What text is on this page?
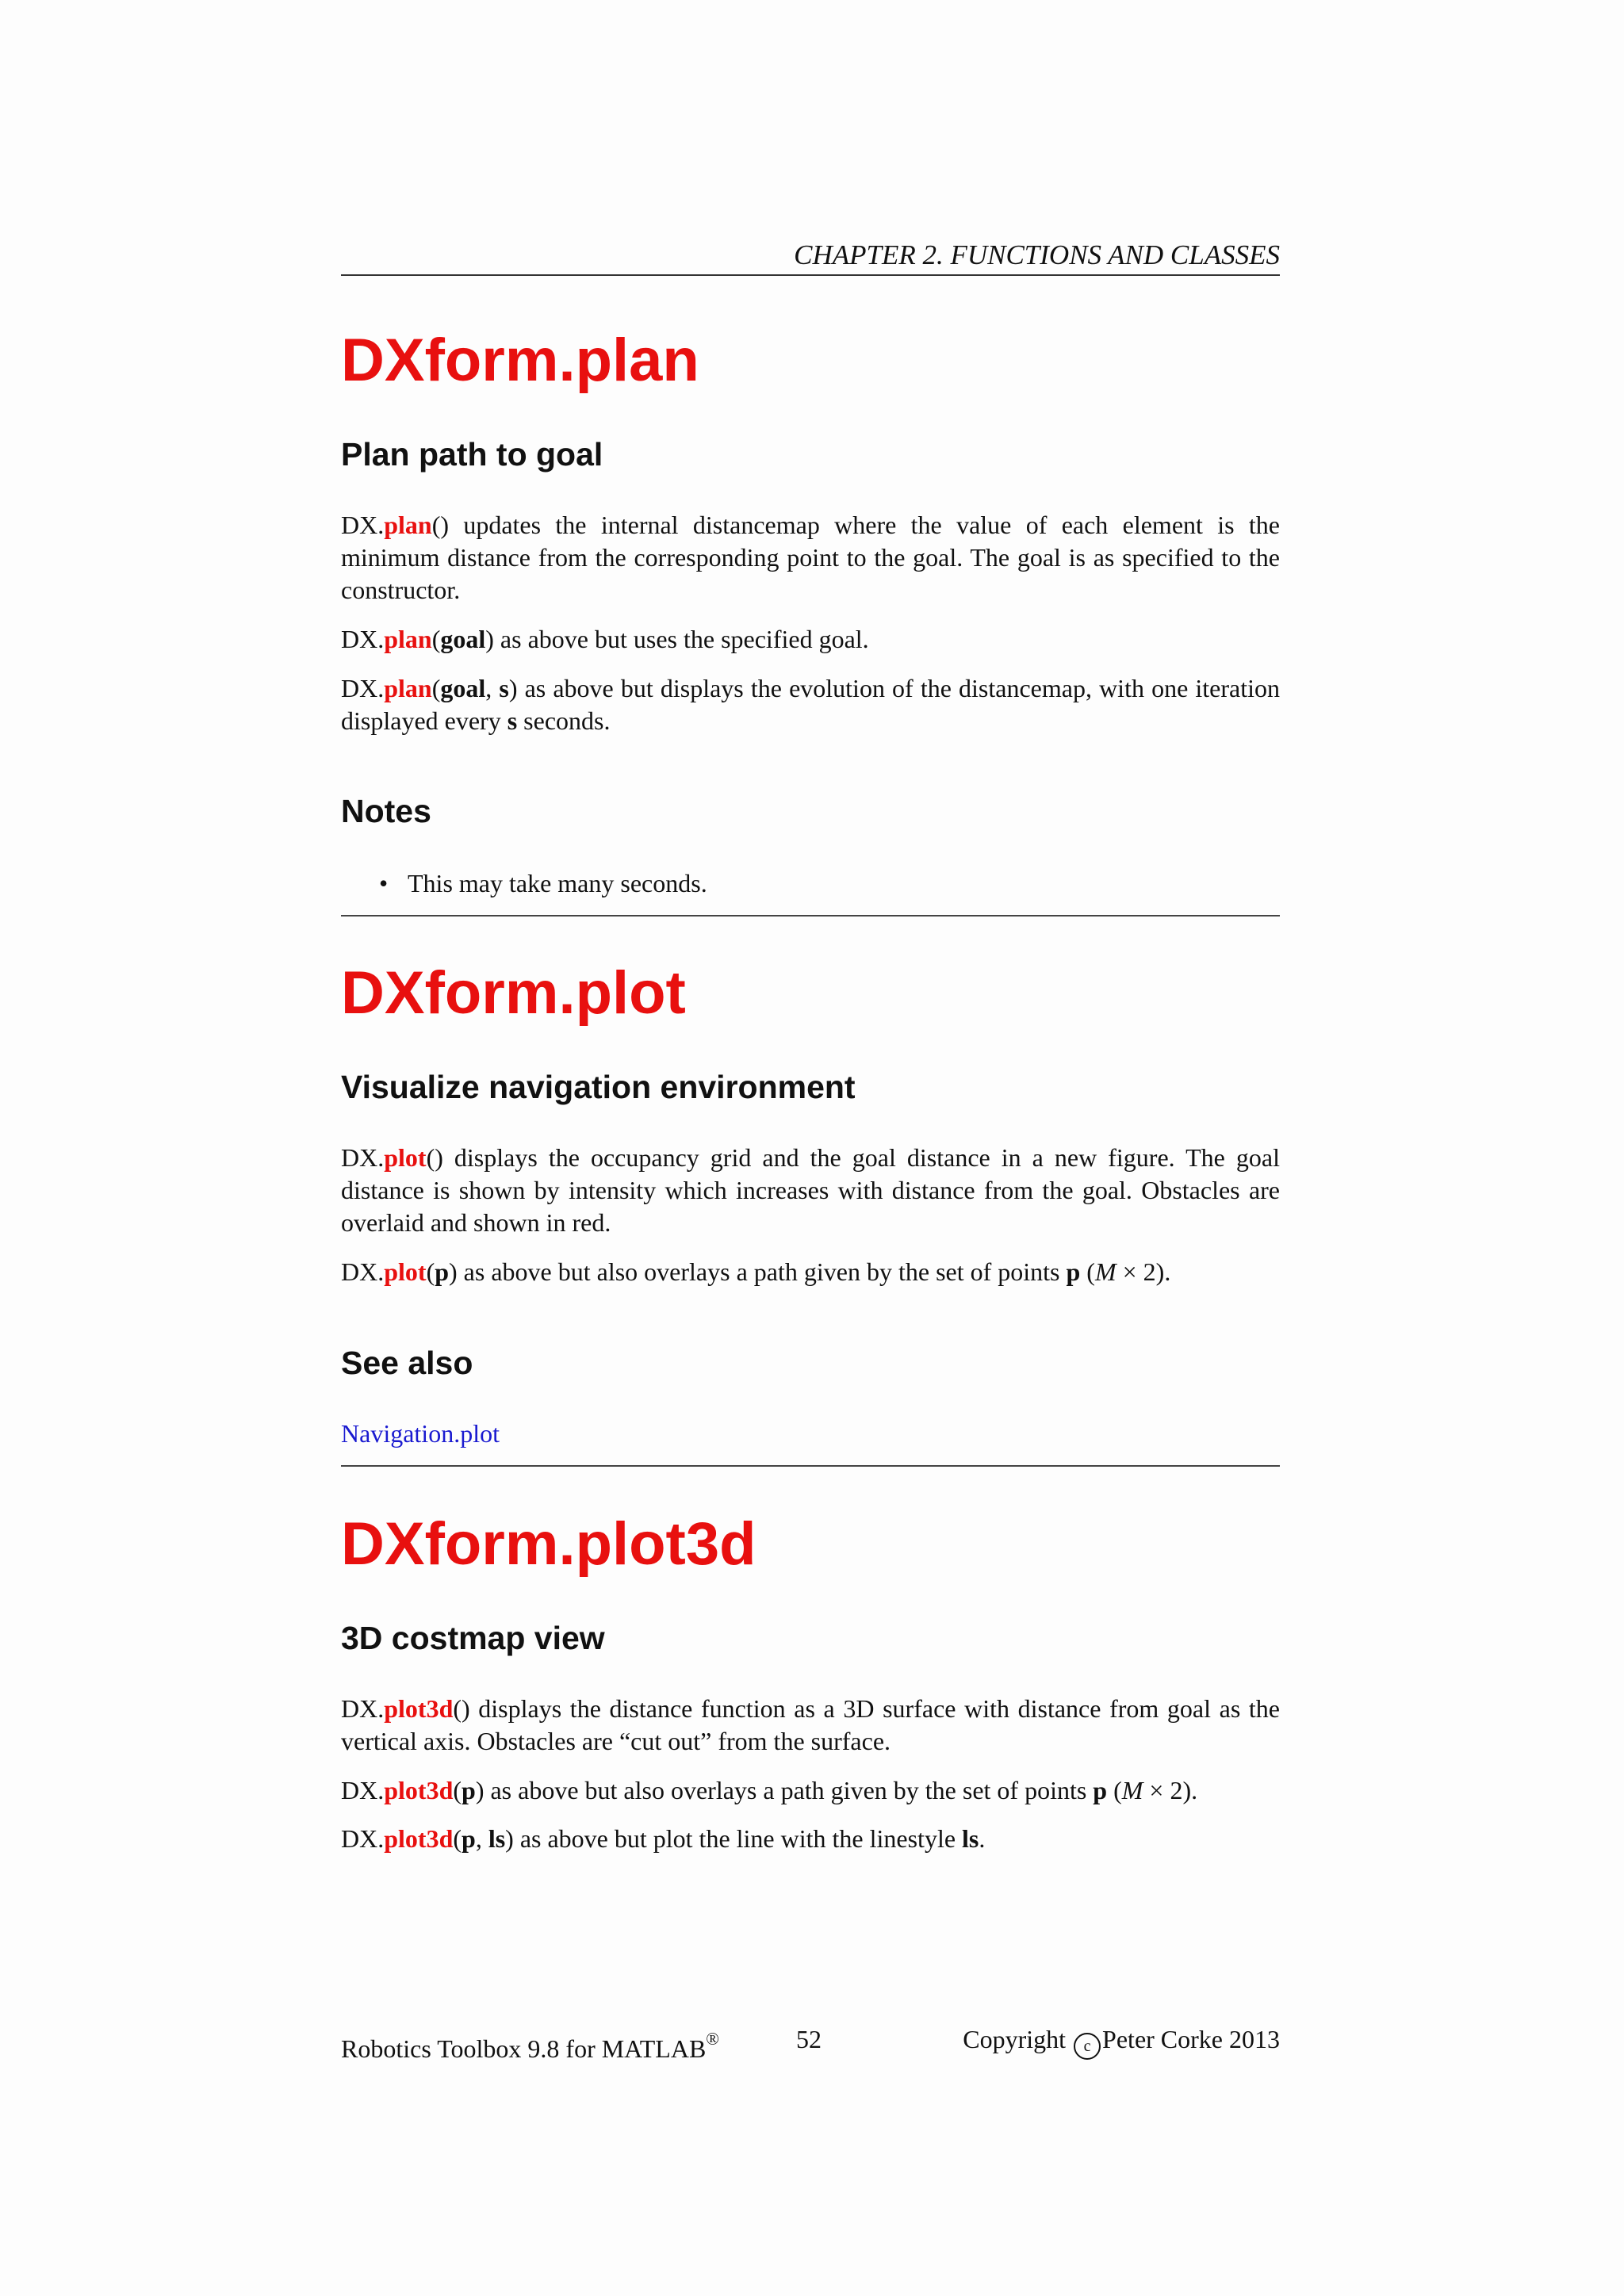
CHAPTER 2. FUNCTIONS AND CLASSES
DXform.plan
Plan path to goal

DX.plan() updates the internal distancemap where the value of each element is the minimum distance from the corresponding point to the goal. The goal is as specified to the constructor.

DX.plan(goal) as above but uses the specified goal.

DX.plan(goal, s) as above but displays the evolution of the distancemap, with one iteration displayed every s seconds.

Notes
• This may take many seconds.
DXform.plot
Visualize navigation environment

DX.plot() displays the occupancy grid and the goal distance in a new figure. The goal distance is shown by intensity which increases with distance from the goal. Obstacles are overlaid and shown in red.

DX.plot(p) as above but also overlays a path given by the set of points p (M × 2).

See also
Navigation.plot
DXform.plot3d
3D costmap view

DX.plot3d() displays the distance function as a 3D surface with distance from goal as the vertical axis. Obstacles are “cut out” from the surface.

DX.plot3d(p) as above but also overlays a path given by the set of points p (M × 2).

DX.plot3d(p, ls) as above but plot the line with the linestyle ls.

Robotics Toolbox 9.8 for MATLAB®	52	Copyright c Peter Corke 2013
